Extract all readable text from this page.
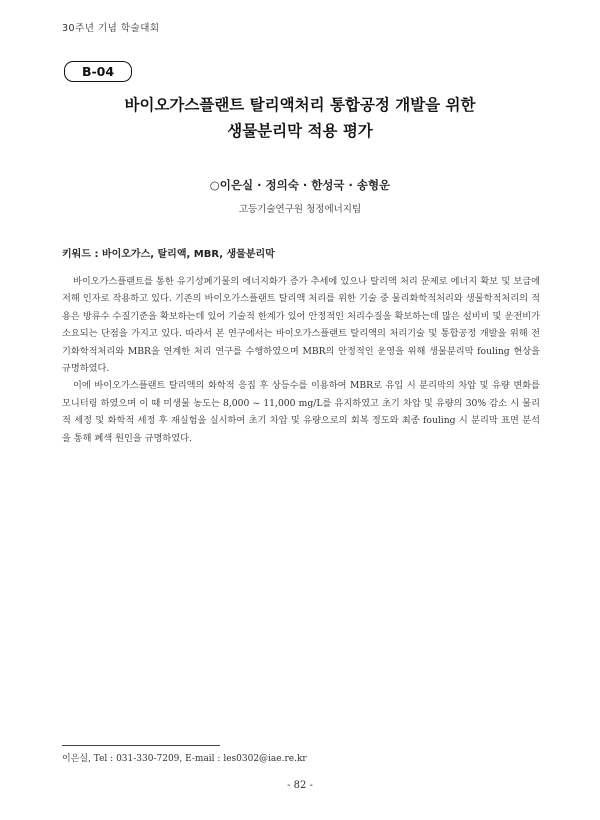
30주년 기념 학술대회
B-04
바이오가스플랜트 탈리액처리 통합공정 개발을 위한
생물분리막 적용 평가
○이은실 · 정의숙 · 한성국 · 송형운
고등기술연구원 청정에너지팀
키워드 : 바이오가스, 탈리액, MBR, 생물분리막

바이오가스플랜트를 통한 유기성폐기물의 에너지화가 증가 추세에 있으나 탈리액 처리 문제로 에너지 확보 및 보급에 저해 인자로 작용하고 있다. 기존의 바이오가스플랜트 탈리액 처리를 위한 기술 중 물리화학적처리와 생물학적처리의 적용은 방류수 수질기준을 확보하는데 있어 기술적 한계가 있어 안정적인 처리수질을 확보하는데 많은 설비비 및 운전비가 소요되는 단점을 가지고 있다. 따라서 본 연구에서는 바이오가스플랜트 탈리액의 처리기술 및 통합공정 개발을 위해 전기화학적처리와 MBR을 연계한 처리 연구를 수행하였으며 MBR의 안정적인 운영을 위해 생물분리막 fouling 현상을 규명하였다.

이에 바이오가스플랜트 탈리액의 화학적 응집 후 상등수를 이용하여 MBR로 유입 시 분리막의 차압 및 유량 변화를 모니터링 하였으며 이 때 미생물 농도는 8,000 ~ 11,000 mg/L를 유지하였고 초기 차압 및 유량의 30% 감소 시 물리적 세정 및 화학적 세정 후 재실험을 실시하여 초기 차압 및 유량으로의 회복 정도와 최종 fouling 시 분리막 표면 분석을 통해 폐색 원인을 규명하였다.

이은실, Tel : 031-330-7209, E-mail : les0302@iae.re.kr
- 82 -
